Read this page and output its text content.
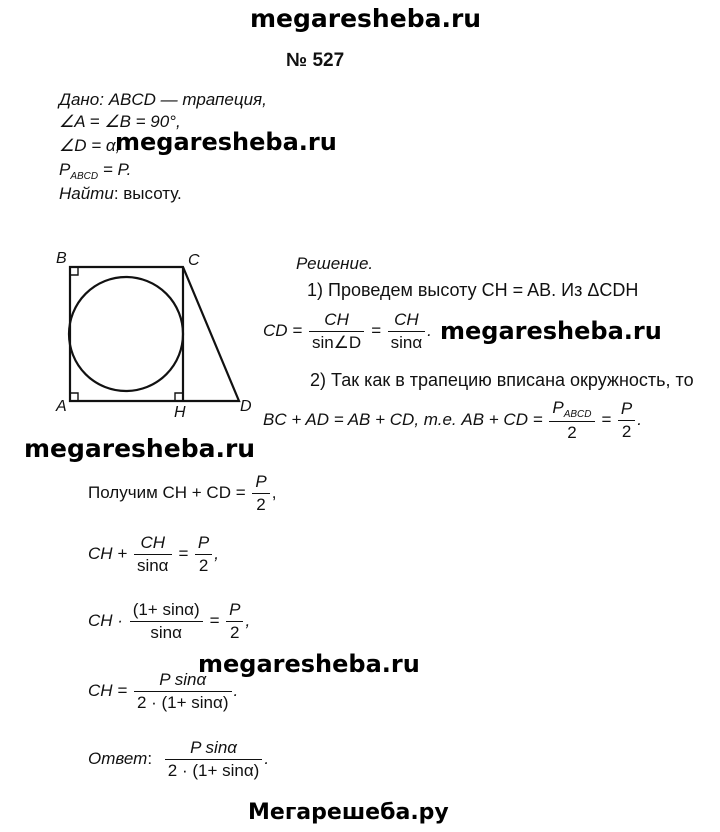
megaresheba.ru
№ 527
Дано: ABCD — трапеция,
∠A = ∠B = 90°,
∠D = α,
megaresheba.ru
$P_{ABCD} = P$.
Найти: высоту.
B	C
A	H	D
Решение.
1) Проведем высоту CH = AB. Из ΔCDH
CD = $\frac{CH}{\sin\angle D} = \frac{CH}{\sin\alpha}$ . megaresheba.ru
2) Так как в трапецию вписана окружность, то
BC + AD = AB + CD, т.е. AB + CD = $\frac{P_{ABCD}}{2} = \frac{P}{2}$ .
megaresheba.ru
Получим CH + CD = $\frac{P}{2}$ ,
CH + $\frac{CH}{\sin\alpha} = \frac{P}{2}$ ,
CH · $\frac{(1+ \sin\alpha)}{\sin\alpha} = \frac{P}{2}$ ,
megaresheba.ru
CH = $\frac{\text{P sinα}}{2 \cdot (1+ \sin\alpha)}$ .
Ответ: $\frac{\text{P sinα}}{2 \cdot (1+ \sin\alpha)}$ .
Мегарешеба.ру
